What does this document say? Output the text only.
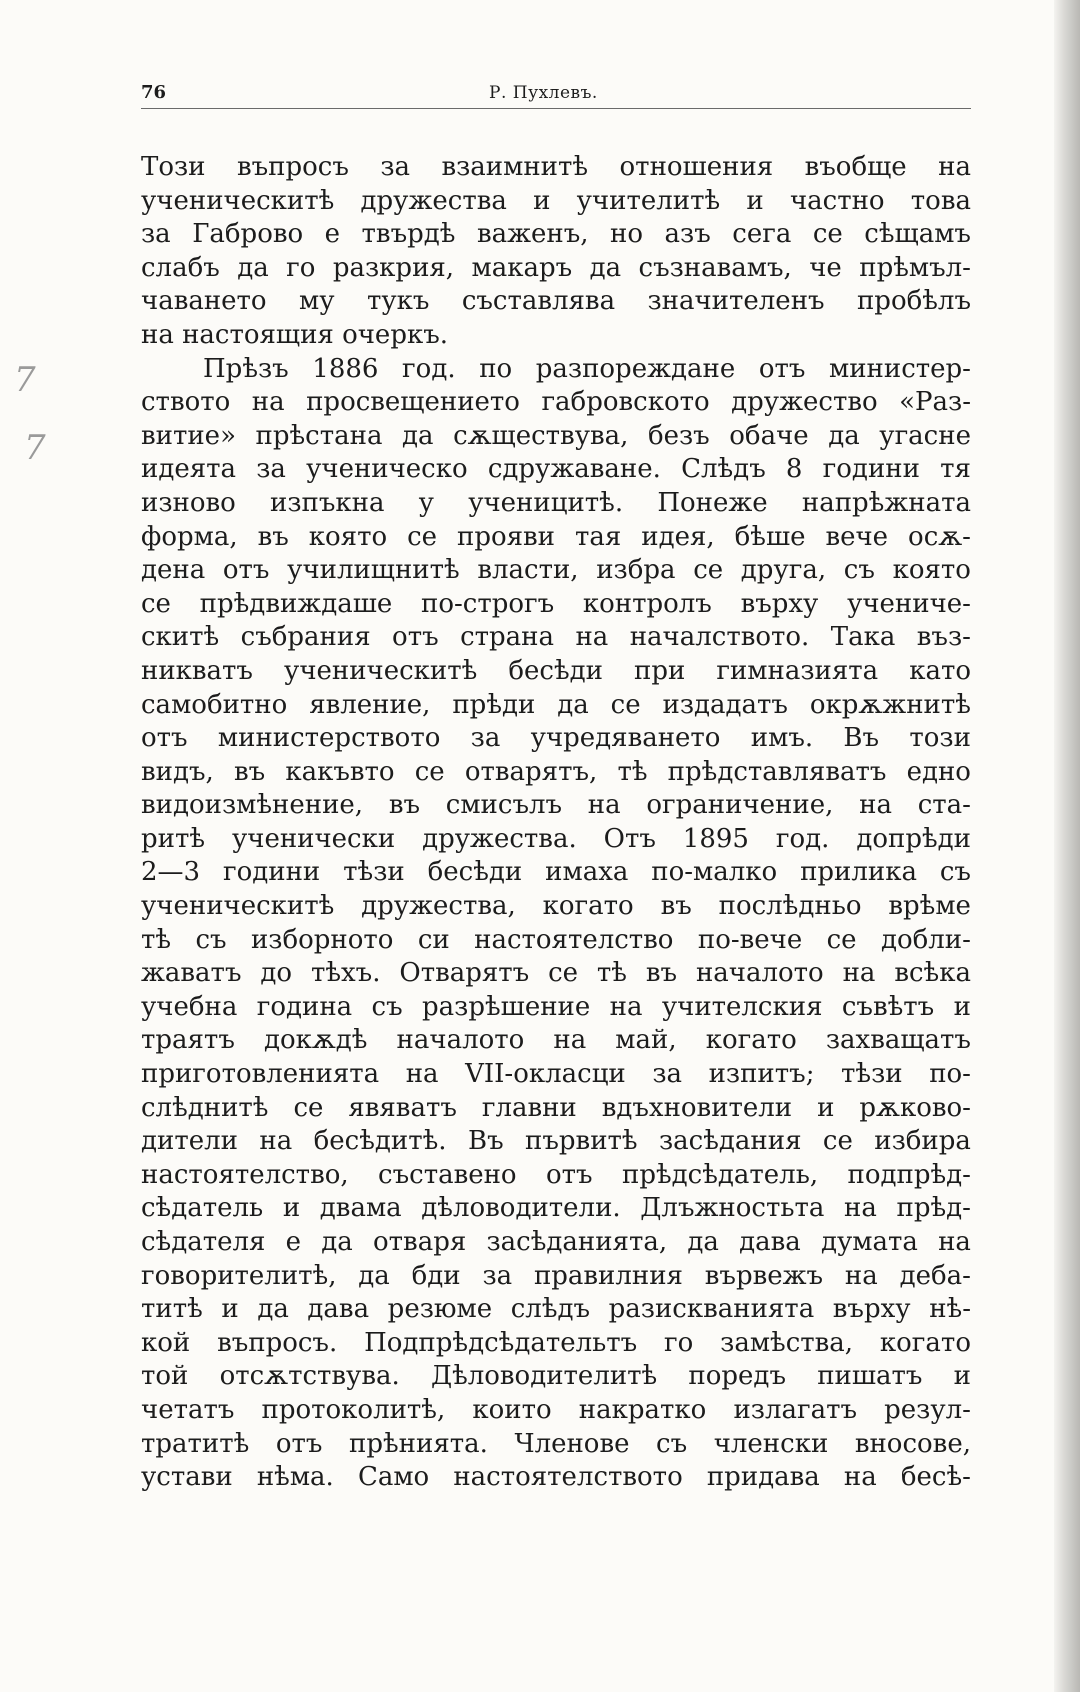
76	Р. Пухлевъ.
7
7
Този въпросъ за взаимнитѣ отношения въобще на
ученическитѣ дружества и учителитѣ и частно това
за Габрово е твърдѣ важенъ, но азъ сега се сѣщамъ
слабъ да го разкрия, макаръ да съзнавамъ, че прѣмъл-
чаването му тукъ съставлява значителенъ пробѣлъ
на настоящия очеркъ.
Прѣзъ 1886 год. по разпореждане отъ министер-
ството на просвещението габровското дружество «Раз-
витие» прѣстана да сѫществува, безъ обаче да угасне
идеята за ученическо сдружаване. Слѣдъ 8 години тя
изново изпъкна у ученицитѣ. Понеже напрѣжната
форма, въ която се прояви тая идея, бѣше вече осѫ-
дена отъ училищнитѣ власти, избра се друга, съ която
се прѣдвиждаше по-строгъ контролъ върху учениче-
скитѣ събрания отъ страна на началството. Така въз-
никватъ ученическитѣ бесѣди при гимназията като
самобитно явление, прѣди да се издадатъ окрѫжнитѣ
отъ министерството за учредяването имъ. Въ този
видъ, въ какъвто се отварятъ, тѣ прѣдставляватъ едно
видоизмѣнение, въ смисълъ на ограничение, на ста-
ритѣ ученически дружества. Отъ 1895 год. допрѣди
2—3 години тѣзи бесѣди имаха по-малко прилика съ
ученическитѣ дружества, когато въ послѣдньо врѣме
тѣ съ изборното си настоятелство по-вече се добли-
жаватъ до тѣхъ. Отварятъ се тѣ въ началото на всѣка
учебна година съ разрѣшение на учителския съвѣтъ и
траятъ докѫдѣ началото на май, когато захващатъ
приготовленията на VII-окласци за изпитъ; тѣзи по-
слѣднитѣ се явяватъ главни вдъхновители и рѫково-
дители на бесѣдитѣ. Въ първитѣ засѣдания се избира
настоятелство, съставено отъ прѣдсѣдатель, подпрѣд-
сѣдатель и двама дѣловодители. Длъжностьта на прѣд-
сѣдателя е да отваря засѣданията, да дава думата на
говорителитѣ, да бди за правилния вървежъ на деба-
титѣ и да дава резюме слѣдъ разискванията върху нѣ-
кой въпросъ. Подпрѣдсѣдательтъ го замѣства, когато
той отсѫтствува. Дѣловодителитѣ поредъ пишатъ и
четатъ протоколитѣ, които накратко излагатъ резул-
тратитѣ отъ прѣнията. Членове съ членски вносове,
устави нѣма. Само настоятелството придава на бесѣ-
